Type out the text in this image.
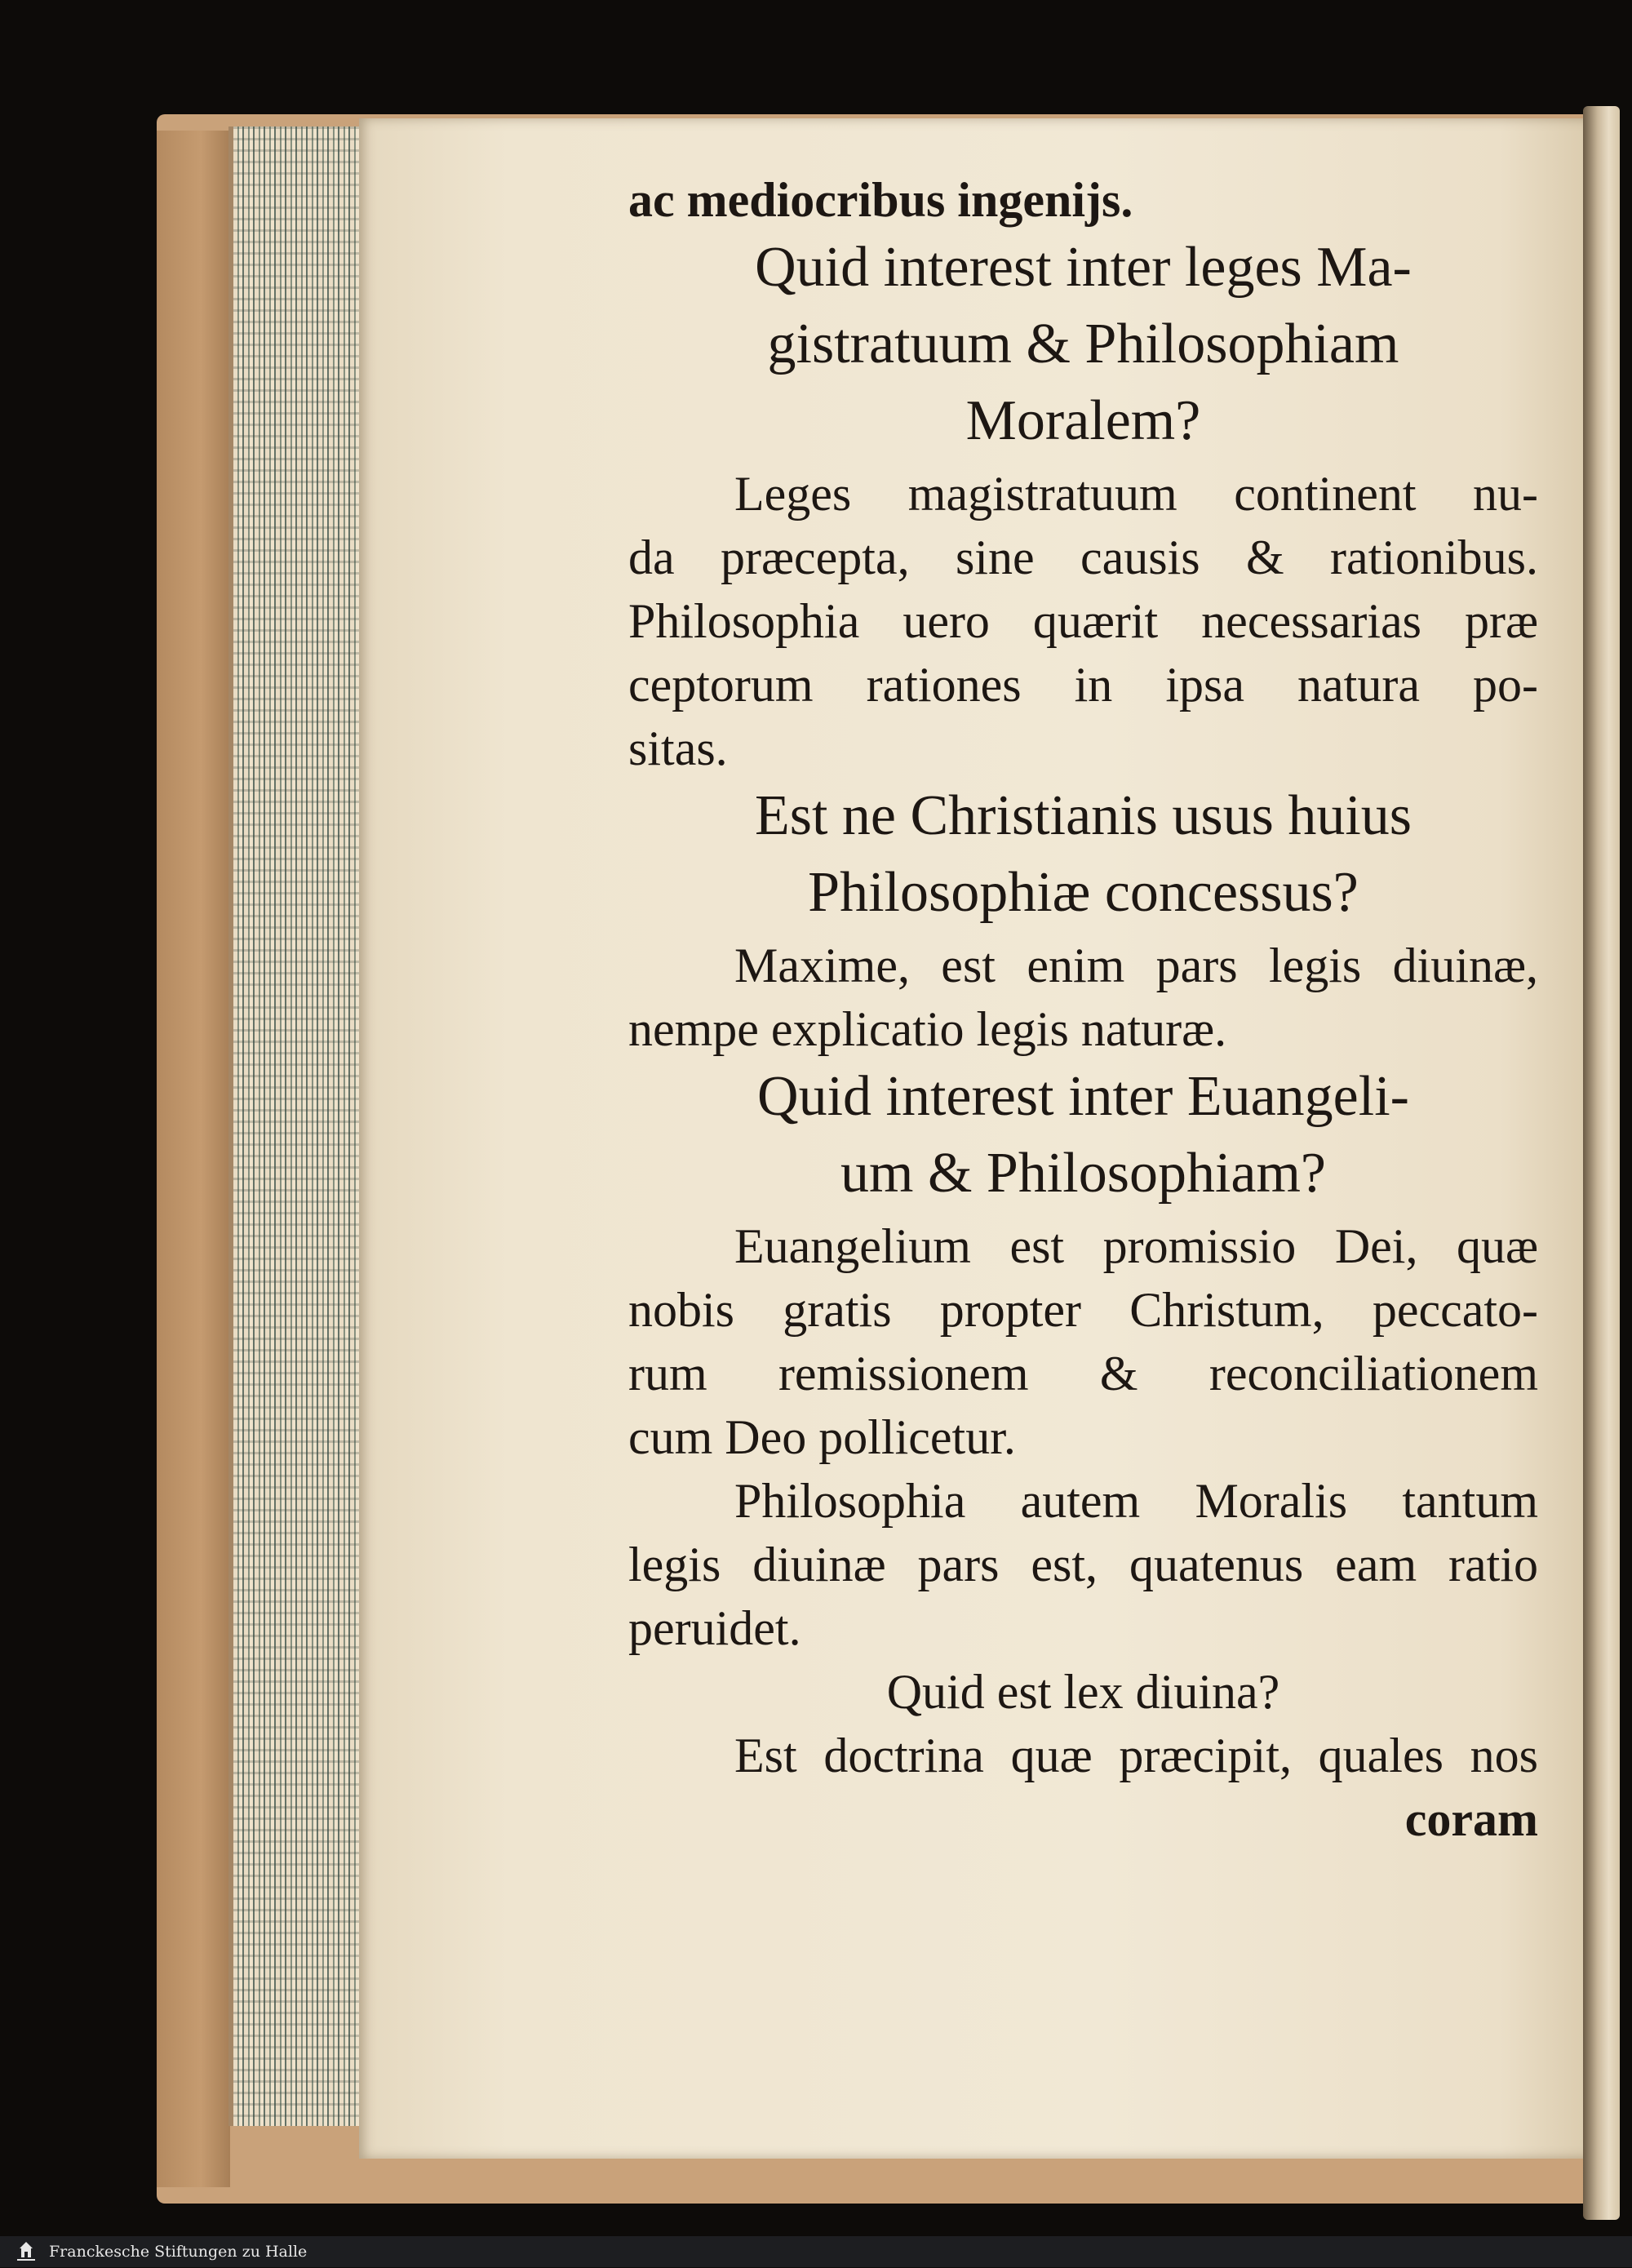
ac mediocribus ingenijs.

Quid interest inter leges Ma-

gistratuum & Philosophiam

Moralem?

Leges magistratuum continent nu-

da præcepta, sine causis & rationibus.

Philosophia uero quærit necessarias præ

ceptorum rationes in ipsa natura po-

sitas.

Est ne Christianis usus huius

Philosophiæ concessus?

Maxime, est enim pars legis diuinæ,

nempe explicatio legis naturæ.

Quid interest inter Euangeli-

um & Philosophiam?

Euangelium est promissio Dei, quæ

nobis gratis propter Christum, peccato-

rum remissionem & reconciliationem

cum Deo pollicetur.

Philosophia autem Moralis tantum

legis diuinæ pars est, quatenus eam ratio

peruidet.

Quid est lex diuina?

Est doctrina quæ præcipit, quales nos

coram

Franckesche Stiftungen zu Halle
